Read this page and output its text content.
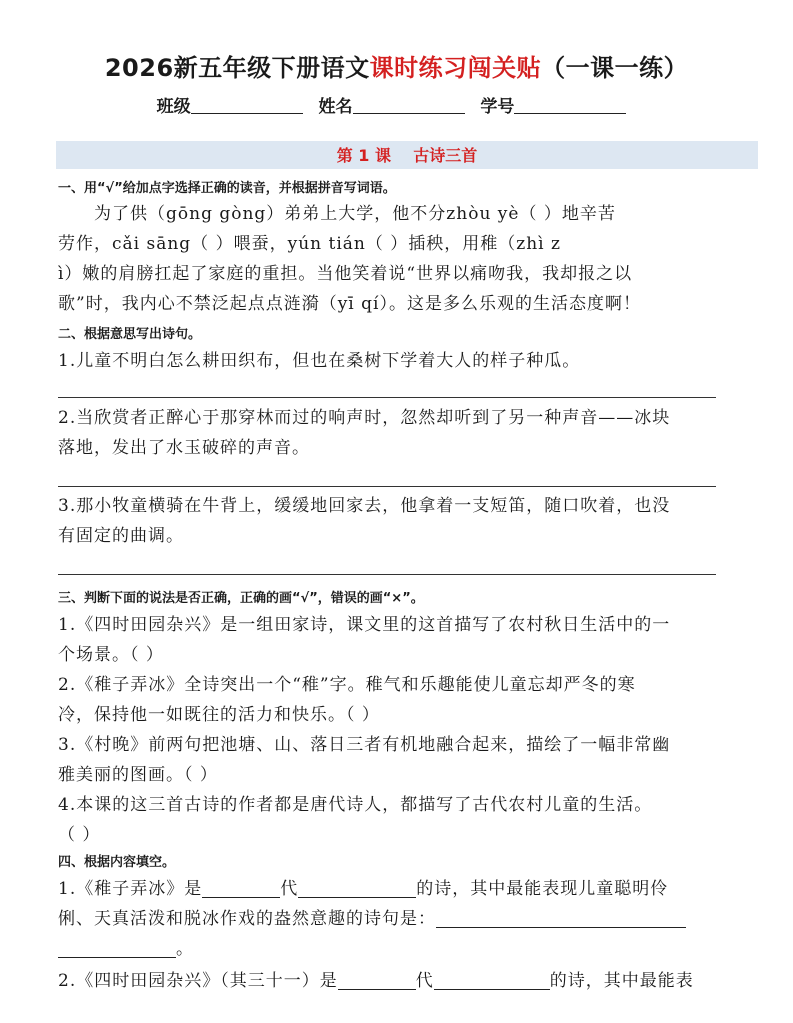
2026新五年级下册语文课时练习闯关贴（一课一练）
班级	姓名	学号
第 1 课    古诗三首
一、用“√”给加点字选择正确的读音，并根据拼音写词语。
　　为了供（gōng gòng）弟弟上大学，他不分zhòu yè（ ）地辛苦
劳作，cǎi sāng（ ）喂蚕，yún tián（ ）插秧，用稚（zhì z
ì）嫩的肩膀扛起了家庭的重担。当他笑着说“世界以痛吻我，我却报之以
歌”时，我内心不禁泛起点点涟漪（yī qí）。这是多么乐观的生活态度啊！
二、根据意思写出诗句。
1.儿童不明白怎么耕田织布，但也在桑树下学着大人的样子种瓜。
2.当欣赏者正醉心于那穿林而过的响声时，忽然却听到了另一种声音——冰块
落地，发出了水玉破碎的声音。
3.那小牧童横骑在牛背上，缓缓地回家去，他拿着一支短笛，随口吹着，也没
有固定的曲调。
三、判断下面的说法是否正确，正确的画“√”，错误的画“×”。
1.《四时田园杂兴》是一组田家诗，课文里的这首描写了农村秋日生活中的一
个场景。（ ）
2.《稚子弄冰》全诗突出一个“稚”字。稚气和乐趣能使儿童忘却严冬的寒
冷，保持他一如既往的活力和快乐。（ ）
3.《村晚》前两句把池塘、山、落日三者有机地融合起来，描绘了一幅非常幽
雅美丽的图画。（ ）
4.本课的这三首古诗的作者都是唐代诗人，都描写了古代农村儿童的生活。
（ ）
四、根据内容填空。
1.《稚子弄冰》是	代	的诗，其中最能表现儿童聪明伶
俐、天真活泼和脱冰作戏的盎然意趣的诗句是：
。
2.《四时田园杂兴》（其三十一）是	代	的诗，其中最能表
